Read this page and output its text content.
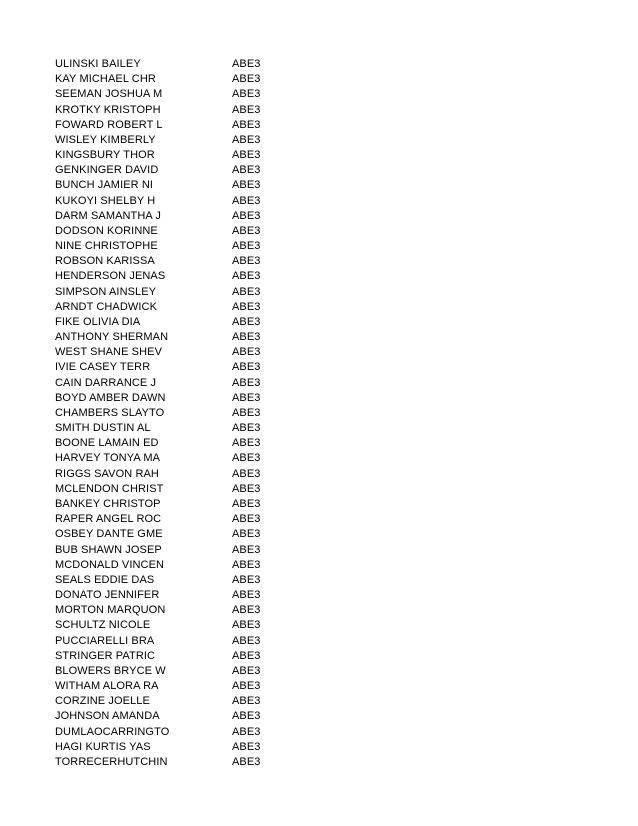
ULINSKI BAILEY	ABE3
KAY MICHAEL CHR	ABE3
SEEMAN JOSHUA M	ABE3
KROTKY KRISTOPH	ABE3
FOWARD ROBERT L	ABE3
WISLEY KIMBERLY	ABE3
KINGSBURY THOR	ABE3
GENKINGER DAVID	ABE3
BUNCH JAMIER NI	ABE3
KUKOYI SHELBY H	ABE3
DARM SAMANTHA J	ABE3
DODSON KORINNE	ABE3
NINE CHRISTOPHE	ABE3
ROBSON KARISSA	ABE3
HENDERSON JENAS	ABE3
SIMPSON AINSLEY	ABE3
ARNDT CHADWICK	ABE3
FIKE OLIVIA DIA	ABE3
ANTHONY SHERMAN	ABE3
WEST SHANE SHEV	ABE3
IVIE CASEY TERR	ABE3
CAIN DARRANCE J	ABE3
BOYD AMBER DAWN	ABE3
CHAMBERS SLAYTO	ABE3
SMITH DUSTIN AL	ABE3
BOONE LAMAIN ED	ABE3
HARVEY TONYA MA	ABE3
RIGGS SAVON RAH	ABE3
MCLENDON CHRIST	ABE3
BANKEY CHRISTOP	ABE3
RAPER ANGEL ROC	ABE3
OSBEY DANTE GME	ABE3
BUB SHAWN JOSEP	ABE3
MCDONALD VINCEN	ABE3
SEALS EDDIE DAS	ABE3
DONATO JENNIFER	ABE3
MORTON MARQUON	ABE3
SCHULTZ NICOLE	ABE3
PUCCIARELLI BRA	ABE3
STRINGER PATRIC	ABE3
BLOWERS BRYCE W	ABE3
WITHAM ALORA RA	ABE3
CORZINE JOELLE	ABE3
JOHNSON AMANDA	ABE3
DUMLAOCARRINGTO	ABE3
HAGI KURTIS YAS	ABE3
TORRECERHUTCHIN	ABE3
